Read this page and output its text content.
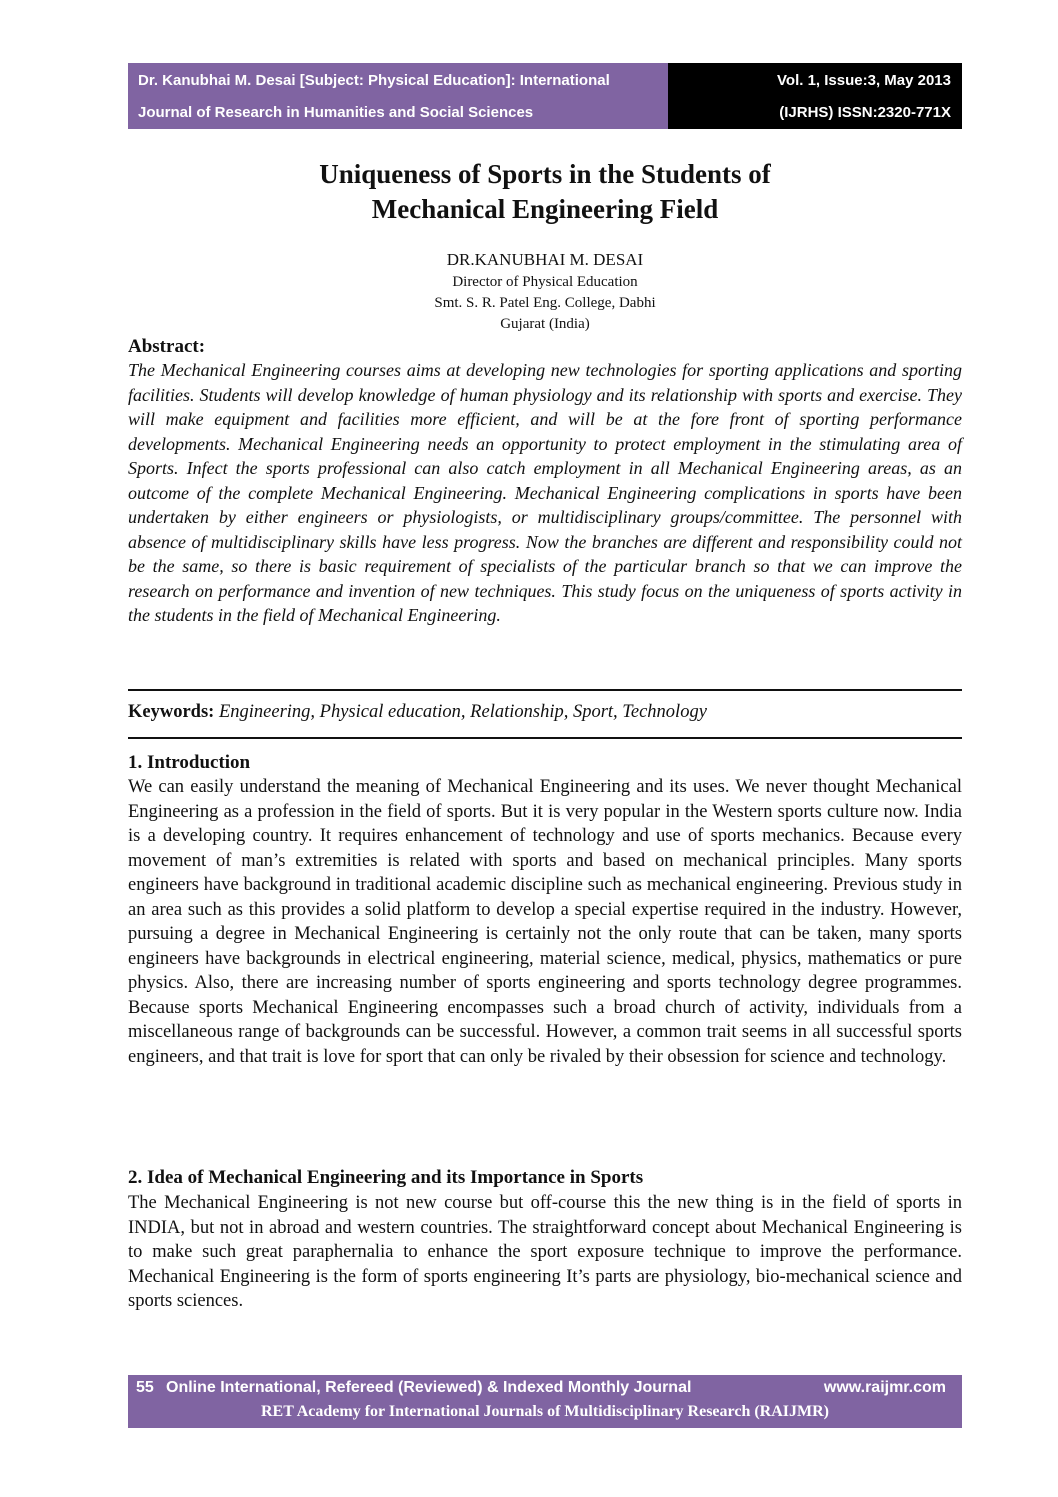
Dr. Kanubhai M. Desai [Subject: Physical Education]: International
Journal of Research in Humanities and Social Sciences
Vol. 1, Issue:3, May 2013
(IJRHS) ISSN:2320-771X
Uniqueness of Sports in the Students of
Mechanical Engineering Field
DR.KANUBHAI M. DESAI
Director of Physical Education
Smt. S. R. Patel Eng. College, Dabhi
Gujarat (India)
Abstract:

The Mechanical Engineering courses aims at developing new technologies for sporting applications and sporting facilities. Students will develop knowledge of human physiology and its relationship with sports and exercise. They will make equipment and facilities more efficient, and will be at the fore front of sporting performance developments. Mechanical Engineering needs an opportunity to protect employment in the stimulating area of Sports. Infect the sports professional can also catch employment in all Mechanical Engineering areas, as an outcome of the complete Mechanical Engineering. Mechanical Engineering complications in sports have been undertaken by either engineers or physiologists, or multidisciplinary groups/committee. The personnel with absence of multidisciplinary skills have less progress. Now the branches are different and responsibility could not be the same, so there is basic requirement of specialists of the particular branch so that we can improve the research on performance and invention of new techniques. This study focus on the uniqueness of sports activity in the students in the field of Mechanical Engineering.

Keywords: Engineering, Physical education, Relationship, Sport, Technology
1. Introduction

We can easily understand the meaning of Mechanical Engineering and its uses. We never thought Mechanical Engineering as a profession in the field of sports. But it is very popular in the Western sports culture now. India is a developing country. It requires enhancement of technology and use of sports mechanics. Because every movement of man’s extremities is related with sports and based on mechanical principles. Many sports engineers have background in traditional academic discipline such as mechanical engineering. Previous study in an area such as this provides a solid platform to develop a special expertise required in the industry. However, pursuing a degree in Mechanical Engineering is certainly not the only route that can be taken, many sports engineers have backgrounds in electrical engineering, material science, medical, physics, mathematics or pure physics. Also, there are increasing number of sports engineering and sports technology degree programmes. Because sports Mechanical Engineering encompasses such a broad church of activity, individuals from a miscellaneous range of backgrounds can be successful. However, a common trait seems in all successful sports engineers, and that trait is love for sport that can only be rivaled by their obsession for science and technology.

2. Idea of Mechanical Engineering and its Importance in Sports

The Mechanical Engineering is not new course but off-course this the new thing is in the field of sports in INDIA, but not in abroad and western countries. The straightforward concept about Mechanical Engineering is to make such great paraphernalia to enhance the sport exposure technique to improve the performance. Mechanical Engineering is the form of sports engineering It’s parts are physiology, bio-mechanical science and sports sciences.

55 Online International, Refereed (Reviewed) & Indexed Monthly Journal	www.raijmr.com
RET Academy for International Journals of Multidisciplinary Research (RAIJMR)
